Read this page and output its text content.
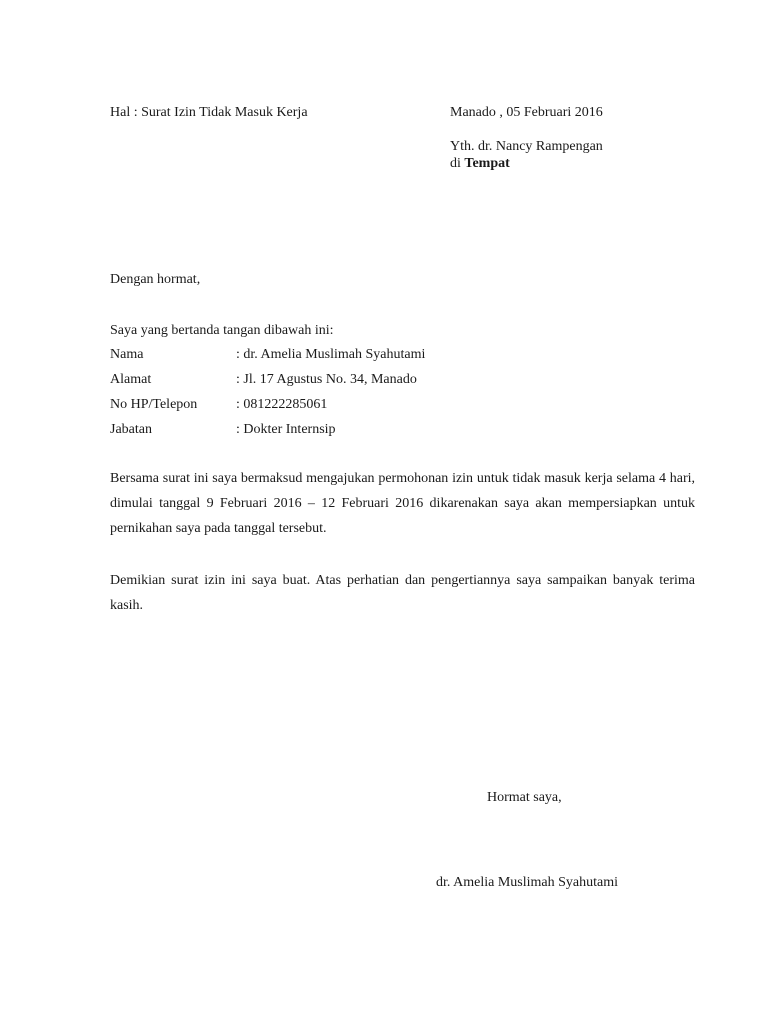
Hal : Surat Izin Tidak Masuk Kerja	Manado , 05 Februari 2016
Yth. dr. Nancy Rampengan
di Tempat
Dengan hormat,
Saya yang bertanda tangan dibawah ini:
Nama	: dr. Amelia Muslimah Syahutami
Alamat	: Jl. 17 Agustus No. 34, Manado
No HP/Telepon	: 081222285061
Jabatan	: Dokter Internsip
Bersama surat ini saya bermaksud mengajukan permohonan izin untuk tidak masuk kerja selama 4 hari, dimulai tanggal 9 Februari 2016 – 12 Februari 2016 dikarenakan saya akan mempersiapkan untuk pernikahan saya pada tanggal tersebut.
Demikian surat izin ini saya buat. Atas perhatian dan pengertiannya saya sampaikan banyak terima kasih.
Hormat saya,
dr. Amelia Muslimah Syahutami
